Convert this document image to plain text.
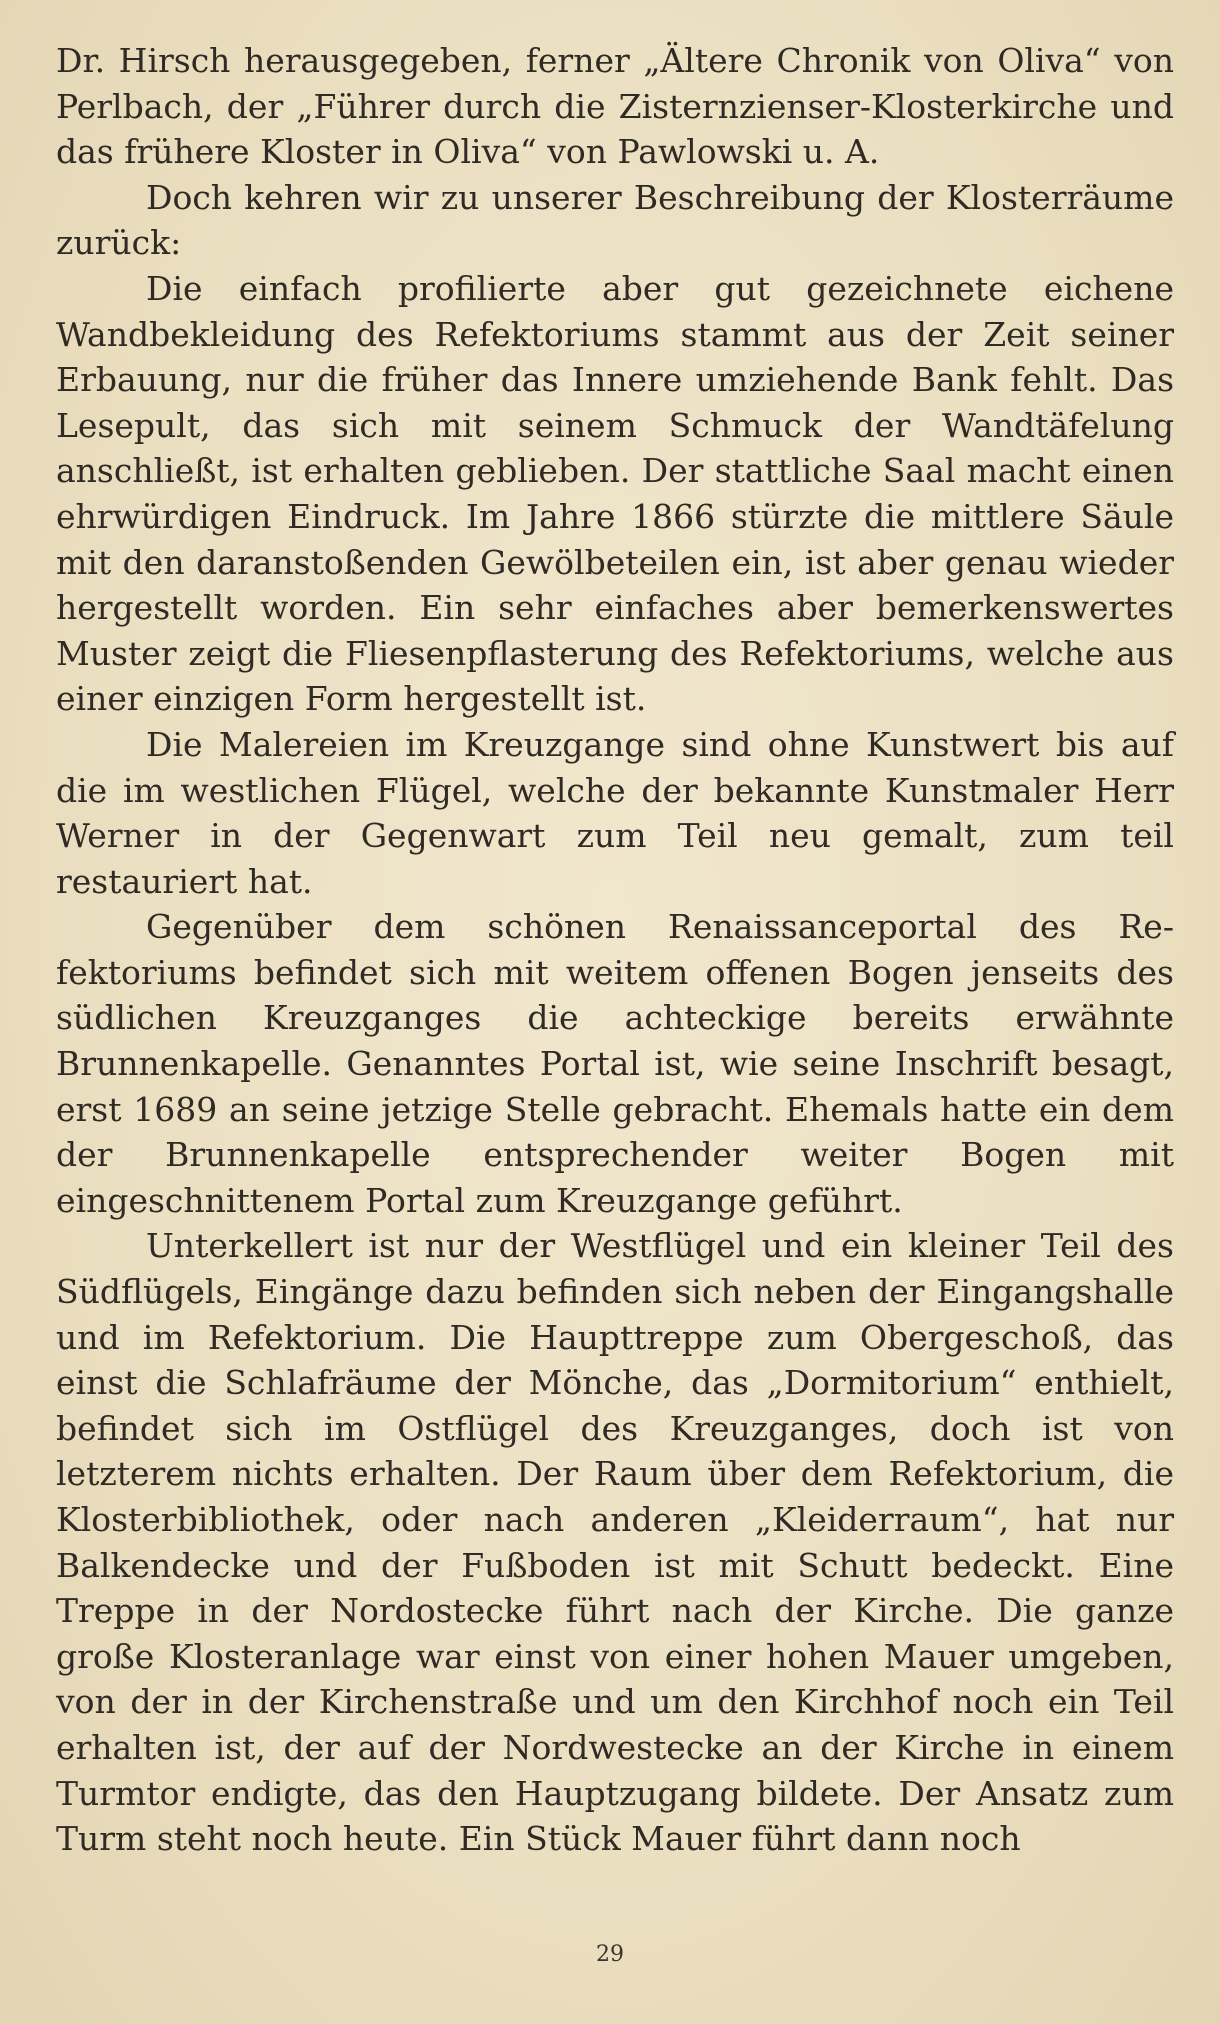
Dr. Hirsch herausgegeben, ferner „Ältere Chronik von Oliva“ von Perlbach, der „Führer durch die Zisternzienser-Klosterkirche und das frühere Kloster in Oliva“ von Pawlowski u. A.

Doch kehren wir zu unserer Beschreibung der Klosterräume zurück:

Die einfach profilierte aber gut gezeichnete eichene Wandbekleidung des Refektoriums stammt aus der Zeit seiner Erbauung, nur die früher das Innere umziehende Bank fehlt. Das Lesepult, das sich mit seinem Schmuck der Wandtäfelung anschließt, ist erhalten geblieben. Der stattliche Saal macht einen ehrwürdigen Eindruck. Im Jahre 1866 stürzte die mittlere Säule mit den daranstoßenden Gewölbeteilen ein, ist aber genau wieder hergestellt worden. Ein sehr einfaches aber bemerkenswertes Muster zeigt die Fliesenpflasterung des Refektoriums, welche aus einer einzigen Form hergestellt ist.

Die Malereien im Kreuzgange sind ohne Kunstwert bis auf die im westlichen Flügel, welche der bekannte Kunstmaler Herr Werner in der Gegenwart zum Teil neu gemalt, zum teil restauriert hat.

Gegenüber dem schönen Renaissanceportal des Refektoriums befindet sich mit weitem offenen Bogen jenseits des südlichen Kreuzganges die achteckige bereits erwähnte Brunnenkapelle. Genanntes Portal ist, wie seine Inschrift besagt, erst 1689 an seine jetzige Stelle gebracht. Ehemals hatte ein dem der Brunnenkapelle entsprechender weiter Bogen mit eingeschnittenem Portal zum Kreuzgange geführt.

Unterkellert ist nur der Westflügel und ein kleiner Teil des Südflügels, Eingänge dazu befinden sich neben der Eingangshalle und im Refektorium. Die Haupttreppe zum Obergeschoß, das einst die Schlafräume der Mönche, das „Dormitorium“ enthielt, befindet sich im Ostflügel des Kreuzganges, doch ist von letzterem nichts erhalten. Der Raum über dem Refektorium, die Klosterbibliothek, oder nach anderen „Kleiderraum“, hat nur Balkendecke und der Fußboden ist mit Schutt bedeckt. Eine Treppe in der Nordostecke führt nach der Kirche. Die ganze große Klosteranlage war einst von einer hohen Mauer umgeben, von der in der Kirchenstraße und um den Kirchhof noch ein Teil erhalten ist, der auf der Nordwestecke an der Kirche in einem Turmtor endigte, das den Hauptzugang bildete. Der Ansatz zum Turm steht noch heute. Ein Stück Mauer führt dann noch

29
